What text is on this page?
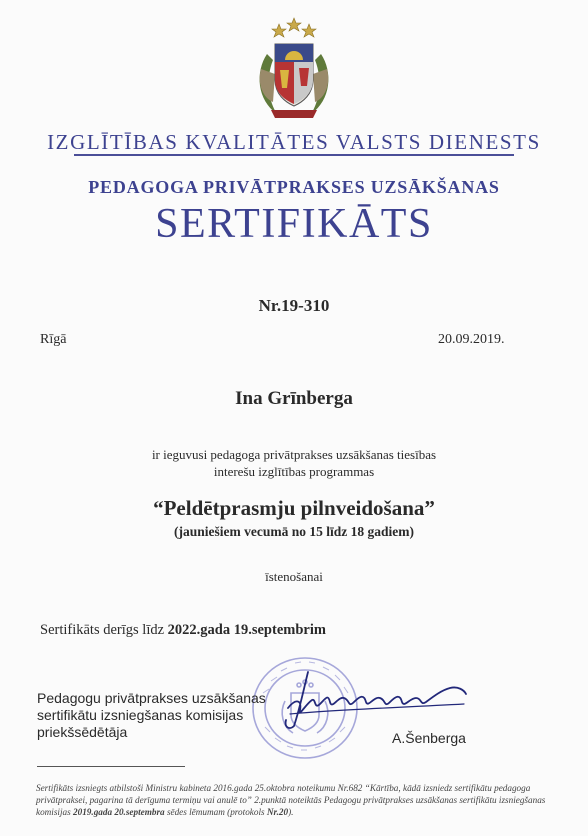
IZGLĪTĪBAS KVALITĀTES VALSTS DIENESTS
PEDAGOGA PRIVĀTPRAKSES UZSĀKŠANAS
SERTIFIKĀTS
Nr.19-310
Rīgā	20.09.2019.
Ina Grīnberga
ir ieguvusi pedagoga privātprakses uzsākšanas tiesības
interešu izglītības programmas
“Peldētprasmju pilnveidošana”
(jauniešiem vecumā no 15 līdz 18 gadiem)
īstenošanai
Sertifikāts derīgs līdz 2022.gada 19.septembrim
Pedagogu privātprakses uzsākšanas
sertifikātu izsniegšanas komisijas
priekšsēdētāja	A.Šenberga
Sertifikāts izsniegts atbilstoši Ministru kabineta 2016.gada 25.oktobra noteikumu Nr.682 “Kārtība, kādā izsniedz sertifikātu pedagoga privātpraksei, pagarina tā derīguma termiņu vai anulē to” 2.punktā noteiktās Pedagogu privātprakses uzsākšanas sertifikātu izsniegšanas komisijas 2019.gada 20.septembra sēdes lēmumam (protokols Nr.20).
